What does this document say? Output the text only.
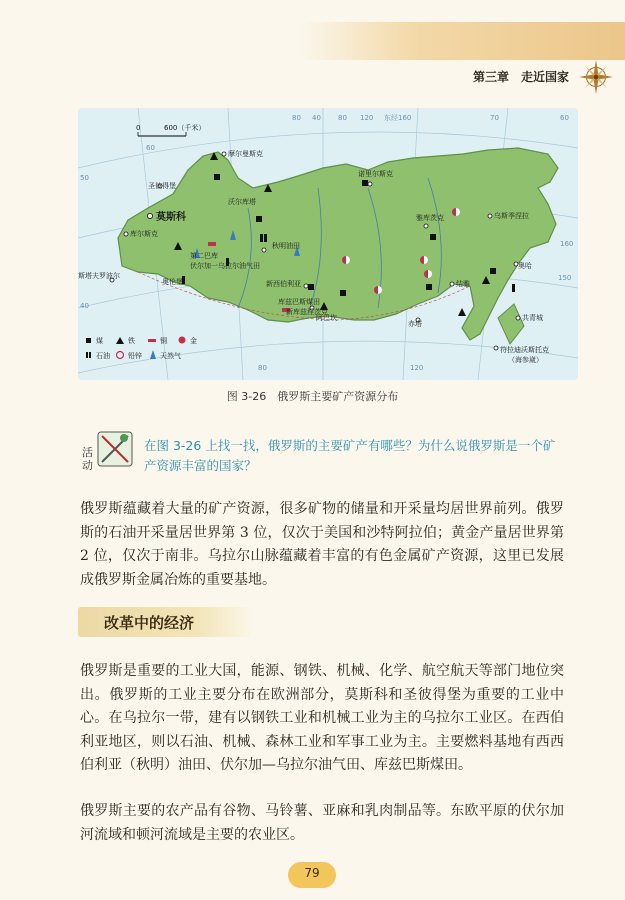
第三章　走近国家
80 40 80 120 东经160	70	60
60
50
40
160
150
80	120
0	600（千米）
摩尔曼斯克
圣彼得堡
莫斯科
沃尔库塔
库尔斯克
诺里尔斯克
雅库茨克	乌斯季涅拉
秋明油田
第二巴库
伏尔加一乌拉尔油气田
斯塔夫罗波尔
奥伦堡	新西伯利亚
库兹巴斯煤田
新库兹涅茨克
阿巴坎
赤塔
结雅
奥哈
共青城
符拉迪沃斯托克
（海参崴）
煤	铁	铜	金
石油	铅锌	天然气
图 3-26　俄罗斯主要矿产资源分布
活动
在图 3-26 上找一找，俄罗斯的主要矿产有哪些？为什么说俄罗斯是一个矿产资源丰富的国家？

俄罗斯蕴藏着大量的矿产资源，很多矿物的储量和开采量均居世界前列。俄罗斯的石油开采量居世界第 3 位，仅次于美国和沙特阿拉伯；黄金产量居世界第 2 位，仅次于南非。乌拉尔山脉蕴藏着丰富的有色金属矿产资源，这里已发展成俄罗斯金属冶炼的重要基地。

改革中的经济

俄罗斯是重要的工业大国，能源、钢铁、机械、化学、航空航天等部门地位突出。俄罗斯的工业主要分布在欧洲部分，莫斯科和圣彼得堡为重要的工业中心。在乌拉尔一带，建有以钢铁工业和机械工业为主的乌拉尔工业区。在西伯利亚地区，则以石油、机械、森林工业和军事工业为主。主要燃料基地有西西伯利亚（秋明）油田、伏尔加—乌拉尔油气田、库兹巴斯煤田。

俄罗斯主要的农产品有谷物、马铃薯、亚麻和乳肉制品等。东欧平原的伏尔加河流域和顿河流域是主要的农业区。

79
